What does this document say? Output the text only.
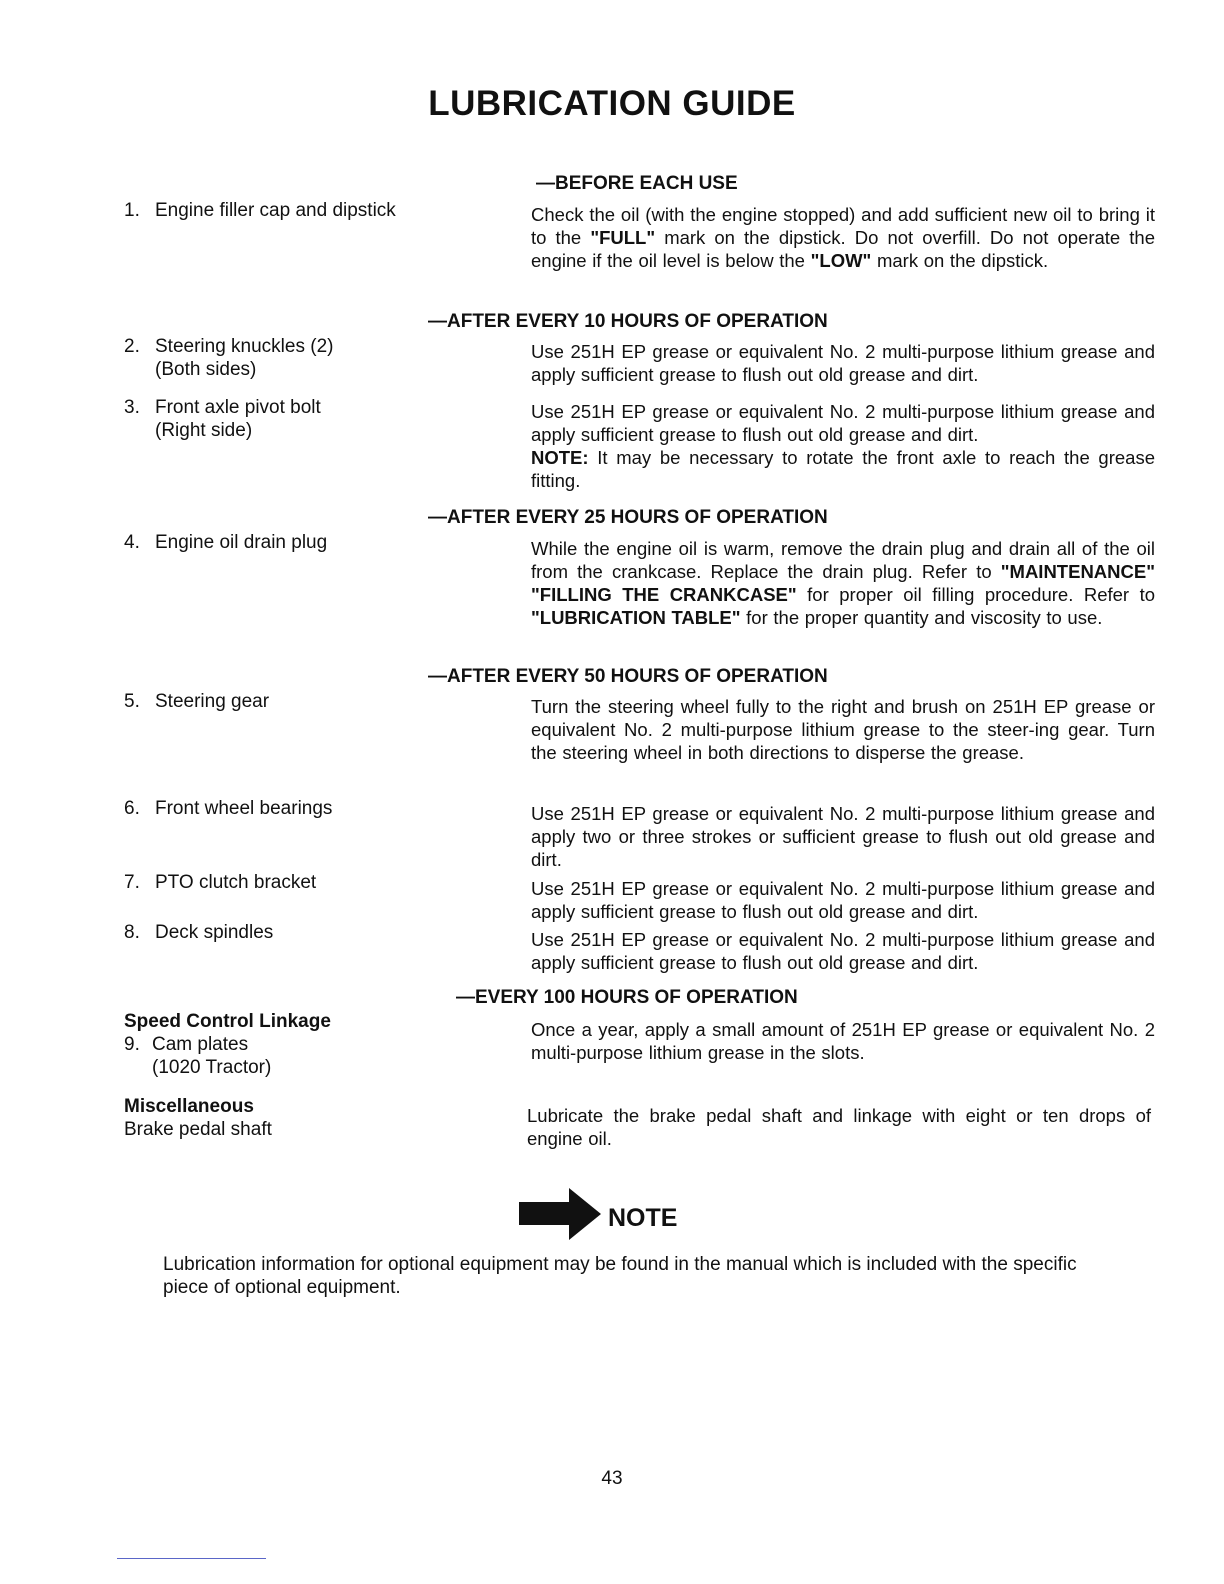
LUBRICATION GUIDE
—BEFORE EACH USE
—AFTER EVERY 10 HOURS OF OPERATION
—AFTER EVERY 25 HOURS OF OPERATION
—AFTER EVERY 50 HOURS OF OPERATION
—EVERY 100 HOURS OF OPERATION
1. Engine filler cap and dipstick
2. Steering knuckles (2)
(Both sides)
3. Front axle pivot bolt
(Right side)
4. Engine oil drain plug
5. Steering gear
6. Front wheel bearings
7. PTO clutch bracket
8. Deck spindles
Speed Control Linkage
9. Cam plates
(1020 Tractor)
Miscellaneous
Brake pedal shaft
Check the oil (with the engine stopped) and add sufficient new oil to bring it to the "FULL" mark on the dipstick. Do not overfill. Do not operate the engine if the oil level is below the "LOW" mark on the dipstick.
Use 251H EP grease or equivalent No. 2 multi-purpose lithium grease and apply sufficient grease to flush out old grease and dirt.
Use 251H EP grease or equivalent No. 2 multi-purpose lithium grease and apply sufficient grease to flush out old grease and dirt.
NOTE: It may be necessary to rotate the front axle to reach the grease fitting.
While the engine oil is warm, remove the drain plug and drain all of the oil from the crankcase. Replace the drain plug. Refer to "MAINTENANCE" "FILLING THE CRANKCASE" for proper oil filling procedure. Refer to "LUBRICATION TABLE" for the proper quantity and viscosity to use.
Turn the steering wheel fully to the right and brush on 251H EP grease or equivalent No. 2 multi-purpose lithium grease to the steer-ing gear. Turn the steering wheel in both directions to disperse the grease.
Use 251H EP grease or equivalent No. 2 multi-purpose lithium grease and apply two or three strokes or sufficient grease to flush out old grease and dirt.
Use 251H EP grease or equivalent No. 2 multi-purpose lithium grease and apply sufficient grease to flush out old grease and dirt.
Use 251H EP grease or equivalent No. 2 multi-purpose lithium grease and apply sufficient grease to flush out old grease and dirt.
Once a year, apply a small amount of 251H EP grease or equivalent No. 2 multi-purpose lithium grease in the slots.
Lubricate the brake pedal shaft and linkage with eight or ten drops of engine oil.
NOTE
Lubrication information for optional equipment may be found in the manual which is included with the specific piece of optional equipment.
43
